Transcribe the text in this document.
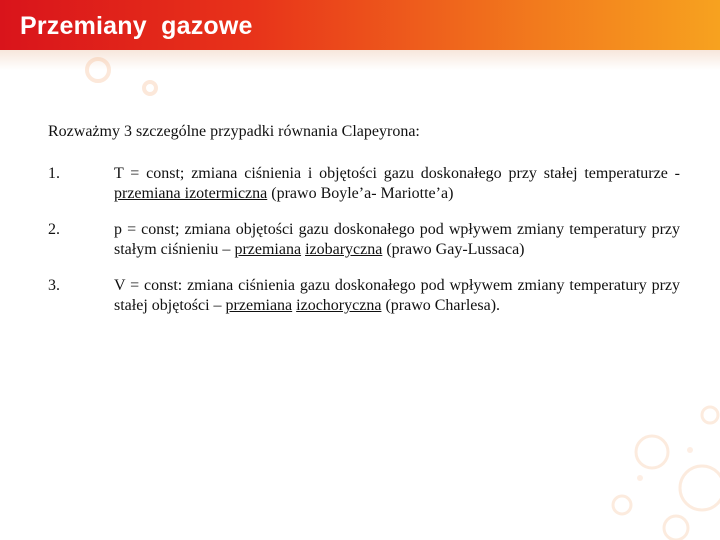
Przemiany  gazowe

Rozważmy 3 szczególne przypadki równania Clapeyrona:

1.	T = const; zmiana ciśnienia i objętości gazu doskonałego przy stałej temperaturze - przemiana izotermiczna (prawo Boyle’a- Mariotte’a)
2.	p = const; zmiana objętości gazu doskonałego pod wpływem zmiany temperatury przy stałym ciśnieniu – przemiana izobaryczna (prawo Gay-Lussaca)
3.	V = const: zmiana ciśnienia gazu doskonałego pod wpływem zmiany temperatury przy stałej objętości – przemiana izochoryczna (prawo Charlesa).
